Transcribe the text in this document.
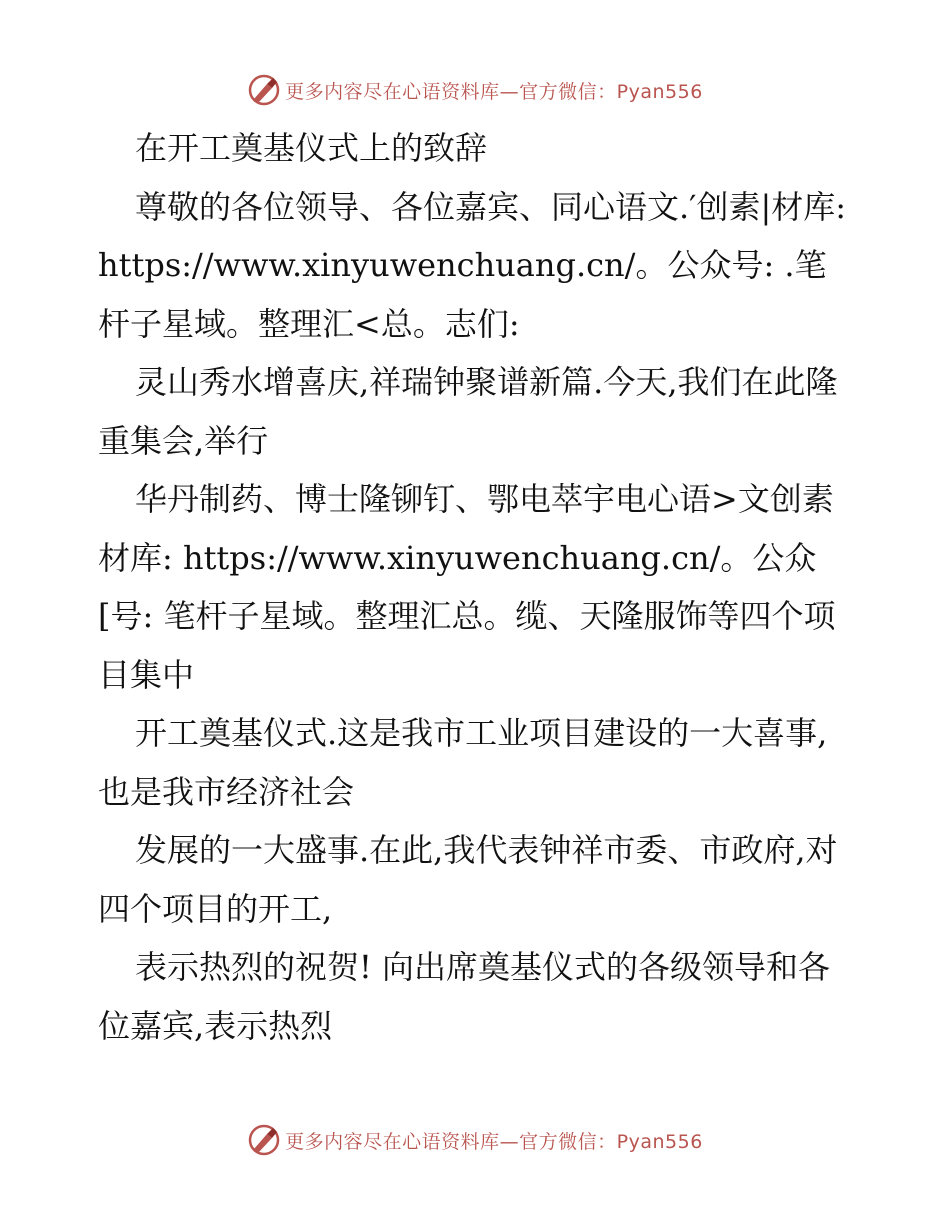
更多内容尽在心语资料库—官方微信：Pyan556

在开工奠基仪式上的致辞

尊敬的各位领导、各位嘉宾、同心语文.′创素|材库: https://www.xinyuwenchuang.cn/。公众号: .笔杆子星域。整理汇<总。志们:

灵山秀水增喜庆,祥瑞钟聚谱新篇.今天,我们在此隆重集会,举行

华丹制药、博士隆铆钉、鄂电萃宇电心语>文创素材库: https://www.xinyuwenchuang.cn/。公众[号: 笔杆子星域。整理汇总。缆、天隆服饰等四个项目集中

开工奠基仪式.这是我市工业项目建设的一大喜事,也是我市经济社会

发展的一大盛事.在此,我代表钟祥市委、市政府,对四个项目的开工,

表示热烈的祝贺! 向出席奠基仪式的各级领导和各位嘉宾,表示热烈

更多内容尽在心语资料库—官方微信：Pyan556
